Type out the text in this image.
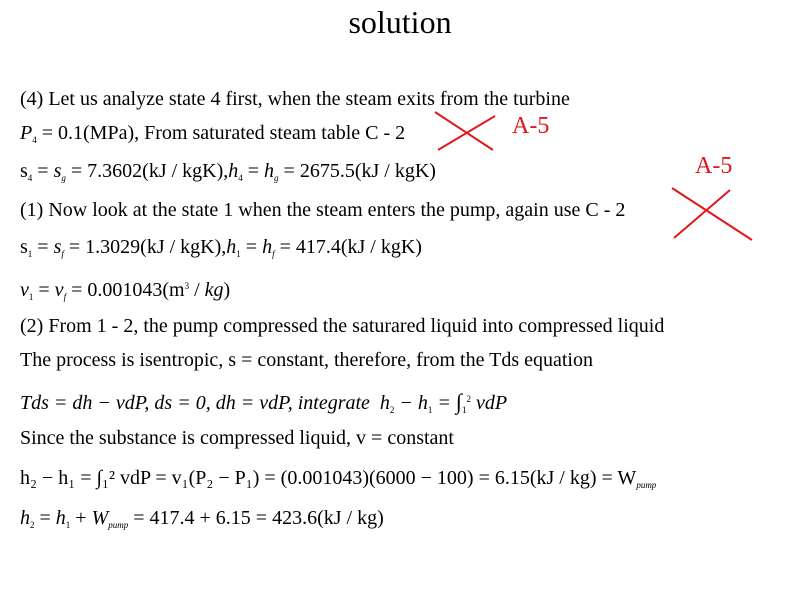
solution
(4) Let us analyze state 4 first, when the steam exits from the turbine
$P_4 = 0.1(MPa)$, From saturated steam table C - 2	A-5
$s_4 = s_g = 7.3602(kJ / kgK),h_4 = h_g = 2675.5(kJ / kgK)$	A-5
(1) Now look at the state 1 when the steam enters the pump, again use C - 2
$s_1 = s_f = 1.3029(kJ / kgK),h_1 = h_f = 417.4(kJ / kgK)$
$v_1 = v_f = 0.001043(m^3 / kg)$
(2) From 1 - 2, the pump compressed the saturared liquid into compressed liquid
The process is isentropic, s = constant, therefore, from the Tds equation
Tds = dh − vdP, ds = 0, dh = vdP, integrate  $h_2 - h_1 = \int_1^2$ vdP
Since the substance is compressed liquid, v = constant
h₂ − h₁ = ∫₁² vdP = $v_1(P_2 - P_1) = (0.001043)(6000 - 100) = 6.15(kJ / kg) = W_{pump}$
$h_2 = h_1 + W_{pump} = 417.4 + 6.15 = 423.6(kJ / kg)$
